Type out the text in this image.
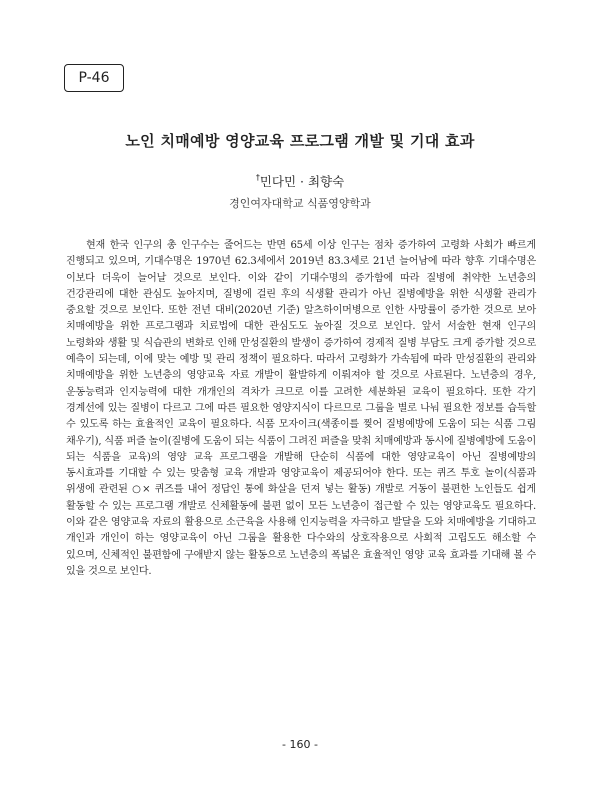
P-46
노인 치매예방 영양교육 프로그램 개발 및 기대 효과
†민다민 · 최향숙
경인여자대학교 식품영양학과

현재 한국 인구의 총 인구수는 줄어드는 반면 65세 이상 인구는 점차 증가하여 고령화 사회가 빠르게 진행되고 있으며, 기대수명은 1970년 62.3세에서 2019년 83.3세로 21년 늘어남에 따라 향후 기대수명은 이보다 더욱이 늘어날 것으로 보인다. 이와 같이 기대수명의 증가함에 따라 질병에 취약한 노년층의 건강관리에 대한 관심도 높아지며, 질병에 걸린 후의 식생활 관리가 아닌 질병예방을 위한 식생활 관리가 중요할 것으로 보인다. 또한 전년 대비(2020년 기준) 알츠하이머병으로 인한 사망률이 증가한 것으로 보아 치매예방을 위한 프로그램과 치료법에 대한 관심도도 높아질 것으로 보인다. 앞서 서술한 현재 인구의 노령화와 생활 및 식습관의 변화로 인해 만성질환의 발생이 증가하여 경제적 질병 부담도 크게 증가할 것으로 예측이 되는데, 이에 맞는 예방 및 관리 정책이 필요하다. 따라서 고령화가 가속됨에 따라 만성질환의 관리와 치매예방을 위한 노년층의 영양교육 자료 개발이 활발하게 이뤄져야 할 것으로 사료된다. 노년층의 경우, 운동능력과 인지능력에 대한 개개인의 격차가 크므로 이를 고려한 세분화된 교육이 필요하다. 또한 각기 경계선에 있는 질병이 다르고 그에 따른 필요한 영양지식이 다르므로 그룹을 별로 나눠 필요한 정보를 습득할 수 있도록 하는 효율적인 교육이 필요하다. 식품 모자이크(색종이를 찢어 질병예방에 도움이 되는 식품 그림 채우기), 식품 퍼즐 놀이(질병에 도움이 되는 식품이 그려진 퍼즐을 맞춰 치매예방과 동시에 질병예방에 도움이 되는 식품을 교육)의 영양 교육 프로그램을 개발해 단순히 식품에 대한 영양교육이 아닌 질병예방의 동시효과를 기대할 수 있는 맞춤형 교육 개발과 영양교육이 제공되어야 한다. 또는 퀴즈 투호 놀이(식품과 위생에 관련된 ○× 퀴즈를 내어 정답인 통에 화살을 던져 넣는 활동) 개발로 거동이 불편한 노인들도 쉽게 활동할 수 있는 프로그램 개발로 신체활동에 불편 없이 모든 노년층이 접근할 수 있는 영양교육도 필요하다. 이와 같은 영양교육 자료의 활용으로 소근육을 사용해 인지능력을 자극하고 발달을 도와 치매예방을 기대하고 개인과 개인이 하는 영양교육이 아닌 그룹을 활용한 다수와의 상호작용으로 사회적 고립도도 해소할 수 있으며, 신체적인 불편함에 구애받지 않는 활동으로 노년층의 폭넓은 효율적인 영양 교육 효과를 기대해 볼 수 있을 것으로 보인다.

- 160 -
